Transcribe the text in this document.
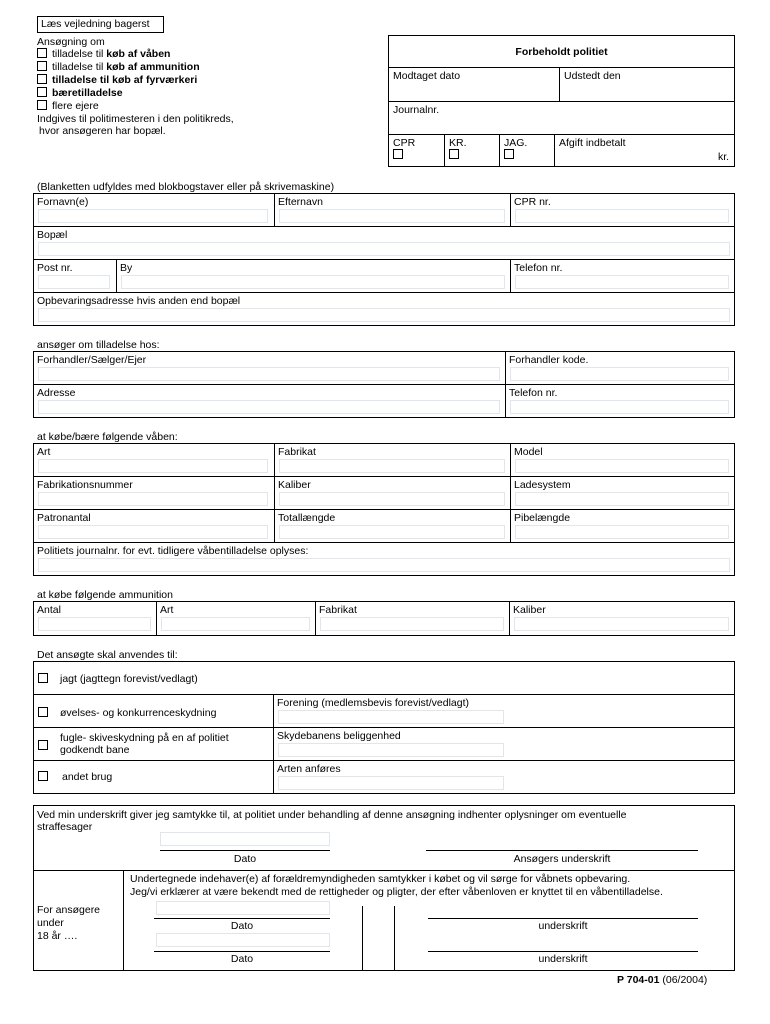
Læs vejledning bagerst
Ansøgning om
tilladelse til køb af våben
tilladelse til køb af ammunition
tilladelse til køb af fyrværkeri
bæretilladelse
flere ejere
Indgives til politimesteren i den politikreds,
hvor ansøgeren har bopæl.
Forbeholdt politiet
Modtaget dato	Udstedt den
Journalnr.
CPR	KR.	JAG.	Afgift indbetalt
kr.
(Blanketten udfyldes med blokbogstaver eller på skrivemaskine)
Fornavn(e)	Efternavn	CPR nr.
Bopæl
Post nr.	By	Telefon nr.
Opbevaringsadresse hvis anden end bopæl
ansøger om tilladelse hos:
Forhandler/Sælger/Ejer	Forhandler kode.
Adresse	Telefon nr.
at købe/bære følgende våben:
Art	Fabrikat	Model
Fabrikationsnummer	Kaliber	Ladesystem
Patronantal	Totallængde	Pibelængde
Politiets journalnr. for evt. tidligere våbentilladelse oplyses:
at købe følgende ammunition
Antal	Art	Fabrikat	Kaliber
Det ansøgte skal anvendes til:
jagt (jagttegn forevist/vedlagt)
øvelses- og konkurrenceskydning
Forening (medlemsbevis forevist/vedlagt)
fugle- skiveskydning på en af politiet
godkendt bane
Skydebanens beliggenhed
andet brug
Arten anføres
Ved min underskrift giver jeg samtykke til, at politiet under behandling af denne ansøgning indhenter oplysninger om eventuelle
straffesager
Dato	Ansøgers underskrift
For ansøgere
under
18 år ….
Undertegnede indehaver(e) af forældremyndigheden samtykker i købet og vil sørge for våbnets opbevaring.
Jeg/vi erklærer at være bekendt med de rettigheder og pligter, der efter våbenloven er knyttet til en våbentilladelse.
Dato	underskrift
Dato	underskrift
P 704-01 (06/2004)
